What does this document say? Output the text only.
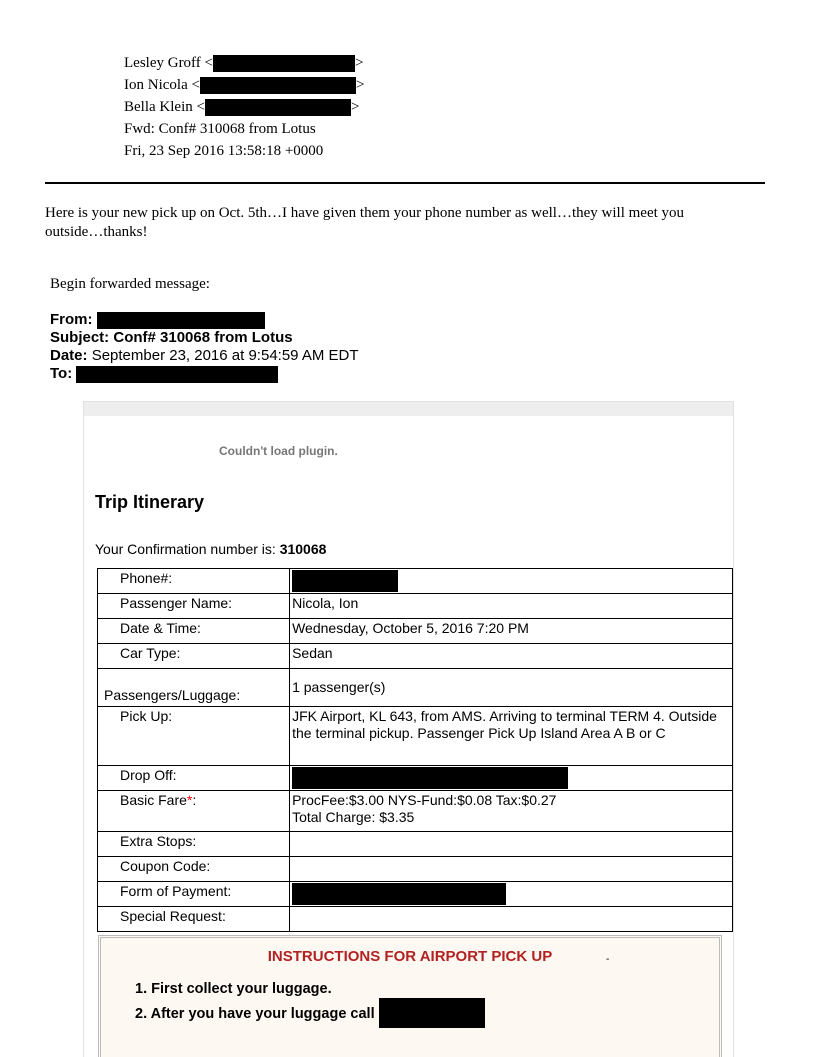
Lesley Groff <	>
Ion Nicola <	>
Bella Klein <	>
Fwd: Conf# 310068 from Lotus
Fri, 23 Sep 2016 13:58:18 +0000
Here is your new pick up on Oct. 5th…I have given them your phone number as well…they will meet you outside…thanks!
Begin forwarded message:
From:
Subject: Conf# 310068 from Lotus
Date: September 23, 2016 at 9:54:59 AM EDT
To:
Couldn't load plugin.
Trip Itinerary
Your Confirmation number is: 310068
Phone#:	
Passenger Name:	Nicola, Ion
Date & Time:	Wednesday, October 5, 2016 7:20 PM
Car Type:	Sedan
Passengers/Luggage:	1 passenger(s)
Pick Up:	JFK Airport, KL 643, from AMS. Arriving to terminal TERM 4. Outside the terminal pickup. Passenger Pick Up Island Area A B or C
Drop Off:	
Basic Fare*:	ProcFee:$3.00 NYS-Fund:$0.08 Tax:$0.27
Total Charge: $3.35

Extra Stops:	
Coupon Code:	
Form of Payment:	
Special Request:	
INSTRUCTIONS FOR AIRPORT PICK UP	-
1. First collect your luggage.
2. After you have your luggage call
